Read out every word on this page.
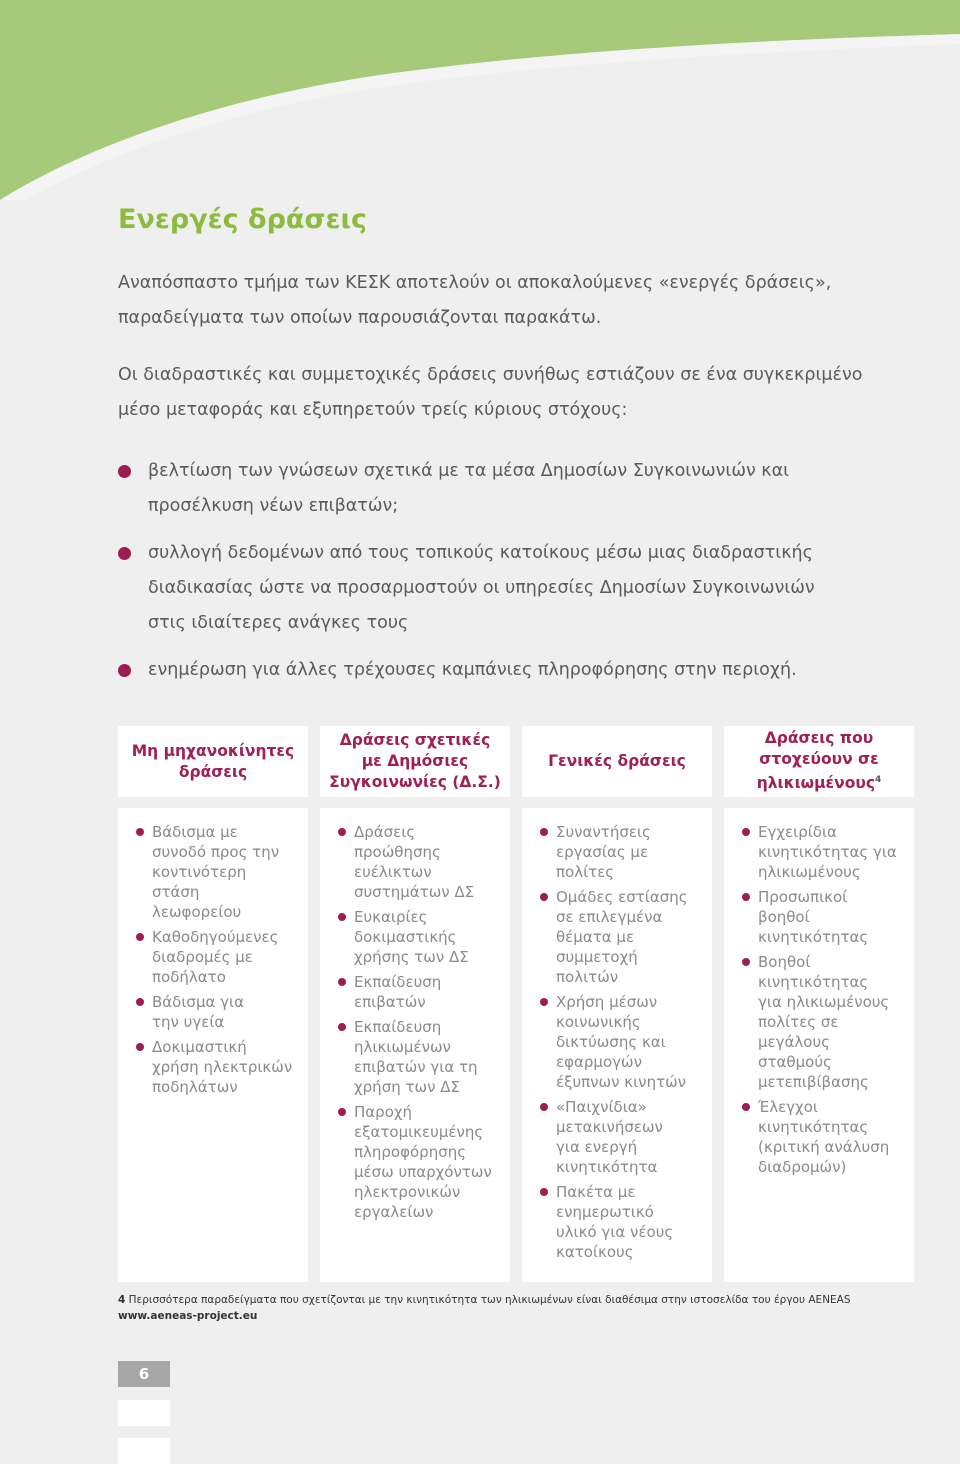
Ενεργές δράσεις

Αναπόσπαστο τμήμα των ΚΕΣΚ αποτελούν οι αποκαλούμενες «ενεργές δράσεις»,
παραδείγματα των οποίων παρουσιάζονται παρακάτω.

Οι διαδραστικές και συμμετοχικές δράσεις συνήθως εστιάζουν σε ένα συγκεκριμένο
μέσο μεταφοράς και εξυπηρετούν τρείς κύριους στόχους:

βελτίωση των γνώσεων σχετικά με τα μέσα Δημοσίων Συγκοινωνιών και
προσέλκυση νέων επιβατών;
συλλογή δεδομένων από τους τοπικούς κατοίκους μέσω μιας διαδραστικής
διαδικασίας ώστε να προσαρμοστούν οι υπηρεσίες Δημοσίων Συγκοινωνιών
στις ιδιαίτερες ανάγκες τους
ενημέρωση για άλλες τρέχουσες καμπάνιες πληροφόρησης στην περιοχή.
Μη μηχανοκίνητες
δράσεις
Δράσεις σχετικές
με Δημόσιες
Συγκοινωνίες (Δ.Σ.)
Γενικές δράσεις
Δράσεις που
στοχεύουν σε
ηλικιωμένους$^4$
Βάδισμα με
συνοδό προς την
κοντινότερη
στάση
λεωφορείου
Καθοδηγούμενες
διαδρομές με
ποδήλατο
Βάδισμα για
την υγεία
Δοκιμαστική
χρήση ηλεκτρικών
ποδηλάτων
Δράσεις
προώθησης
ευέλικτων
συστημάτων ΔΣ
Ευκαιρίες
δοκιμαστικής
χρήσης των ΔΣ
Εκπαίδευση
επιβατών
Εκπαίδευση
ηλικιωμένων
επιβατών για τη
χρήση των ΔΣ
Παροχή
εξατομικευμένης
πληροφόρησης
μέσω υπαρχόντων
ηλεκτρονικών
εργαλείων
Συναντήσεις
εργασίας με
πολίτες
Ομάδες εστίασης
σε επιλεγμένα
θέματα με
συμμετοχή
πολιτών
Χρήση μέσων
κοινωνικής
δικτύωσης και
εφαρμογών
έξυπνων κινητών
«Παιχνίδια»
μετακινήσεων
για ενεργή
κινητικότητα
Πακέτα με
ενημερωτικό
υλικό για νέους
κατοίκους
Εγχειρίδια
κινητικότητας για
ηλικιωμένους
Προσωπικοί
βοηθοί
κινητικότητας
Βοηθοί
κινητικότητας
για ηλικιωμένους
πολίτες σε
μεγάλους
σταθμούς
μετεπιβίβασης
Έλεγχοι
κινητικότητας
(κριτική ανάλυση
διαδρομών)
4 Περισσότερα παραδείγματα που σχετίζονται με την κινητικότητα των ηλικιωμένων είναι διαθέσιμα στην ιστοσελίδα του έργου AENEAS
www.aeneas-project.eu
6
